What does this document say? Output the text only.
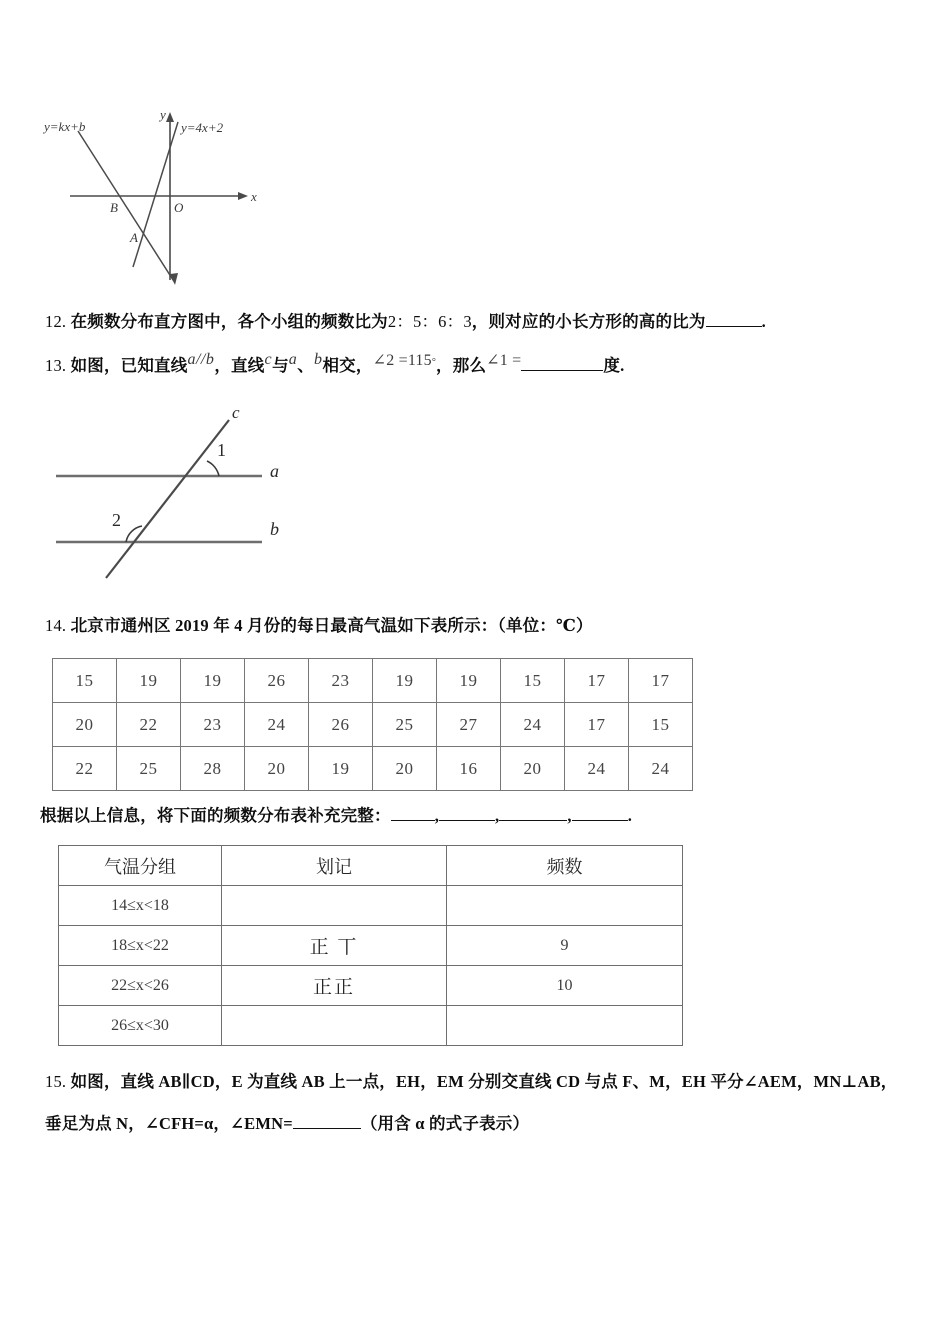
y=kx+b	y=4x+2
y
x
O
B
A
12. 在频数分布直方图中，各个小组的频数比为2：5：6：3，则对应的小长方形的高的比为	.
13. 如图，已知直线a//b，直线c与a、b相交，∠2 =115°，那么∠1 =	度.
c
a
b
1
2
14. 北京市通州区 2019 年 4 月份的每日最高气温如下表所示：（单位：℃）
15	19	19	26	23	19	19	15	17	17
20	22	23	24	26	25	27	24	17	15
22	25	28	20	19	20	16	20	24	24
根据以上信息，将下面的频数分布表补充完整：	,	,	,	.
气温分组	划记	频数
14≤x<18		
18≤x<22	正 丅	9
22≤x<26	正正	10
26≤x<30		
15. 如图，直线 AB∥CD，E 为直线 AB 上一点，EH，EM 分别交直线 CD 与点 F、M，EH 平分∠AEM，MN⊥AB，
垂足为点 N，∠CFH=α，∠EMN=	（用含 α 的式子表示）
